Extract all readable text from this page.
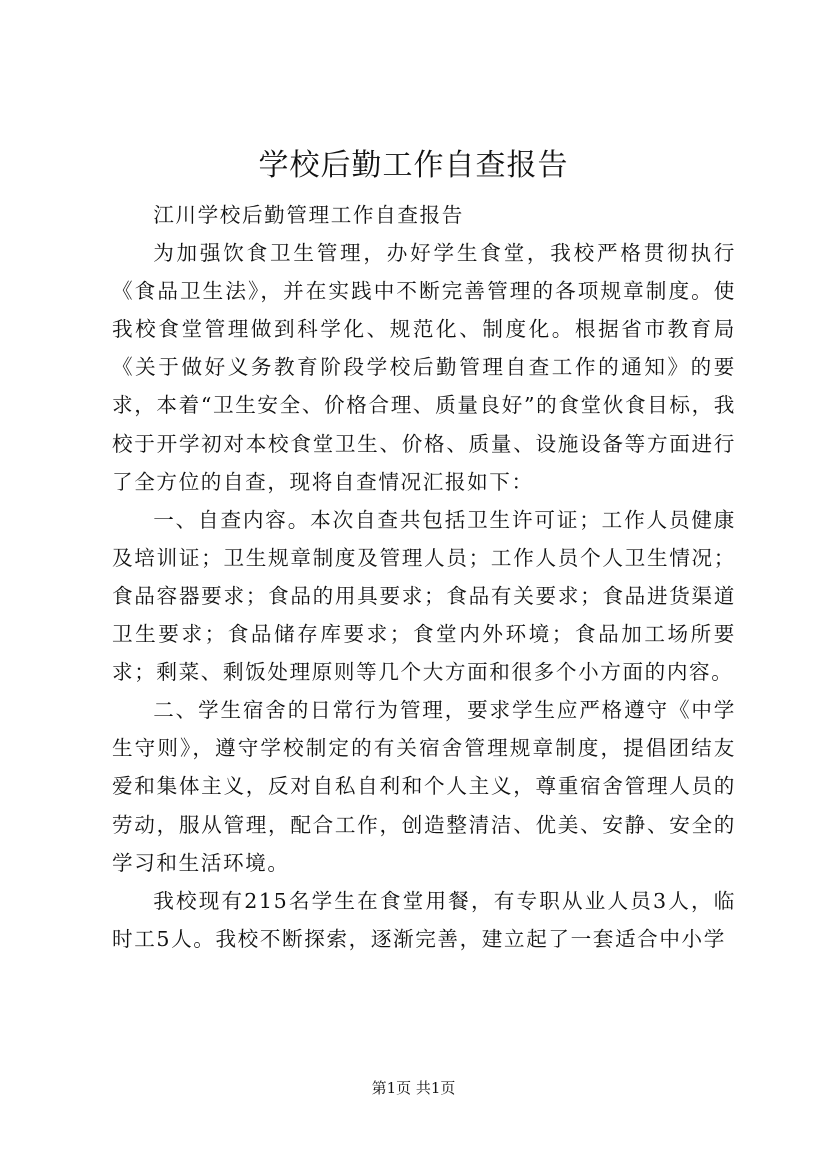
学校后勤工作自查报告

江川学校后勤管理工作自查报告

为加强饮食卫生管理，办好学生食堂，我校严格贯彻执行《食品卫生法》，并在实践中不断完善管理的各项规章制度。使我校食堂管理做到科学化、规范化、制度化。根据省市教育局《关于做好义务教育阶段学校后勤管理自查工作的通知》的要求，本着“卫生安全、价格合理、质量良好”的食堂伙食目标，我校于开学初对本校食堂卫生、价格、质量、设施设备等方面进行了全方位的自查，现将自查情况汇报如下：

一、自查内容。本次自查共包括卫生许可证；工作人员健康及培训证；卫生规章制度及管理人员；工作人员个人卫生情况；食品容器要求；食品的用具要求；食品有关要求；食品进货渠道卫生要求；食品储存库要求；食堂内外环境；食品加工场所要求；剩菜、剩饭处理原则等几个大方面和很多个小方面的内容。

二、学生宿舍的日常行为管理，要求学生应严格遵守《中学生守则》，遵守学校制定的有关宿舍管理规章制度，提倡团结友爱和集体主义，反对自私自利和个人主义，尊重宿舍管理人员的劳动，服从管理，配合工作，创造整清洁、优美、安静、安全的学习和生活环境。

我校现有215名学生在食堂用餐，有专职从业人员3人，临时工5人。我校不断探索，逐渐完善，建立起了一套适合中小学

第1页 共1页
